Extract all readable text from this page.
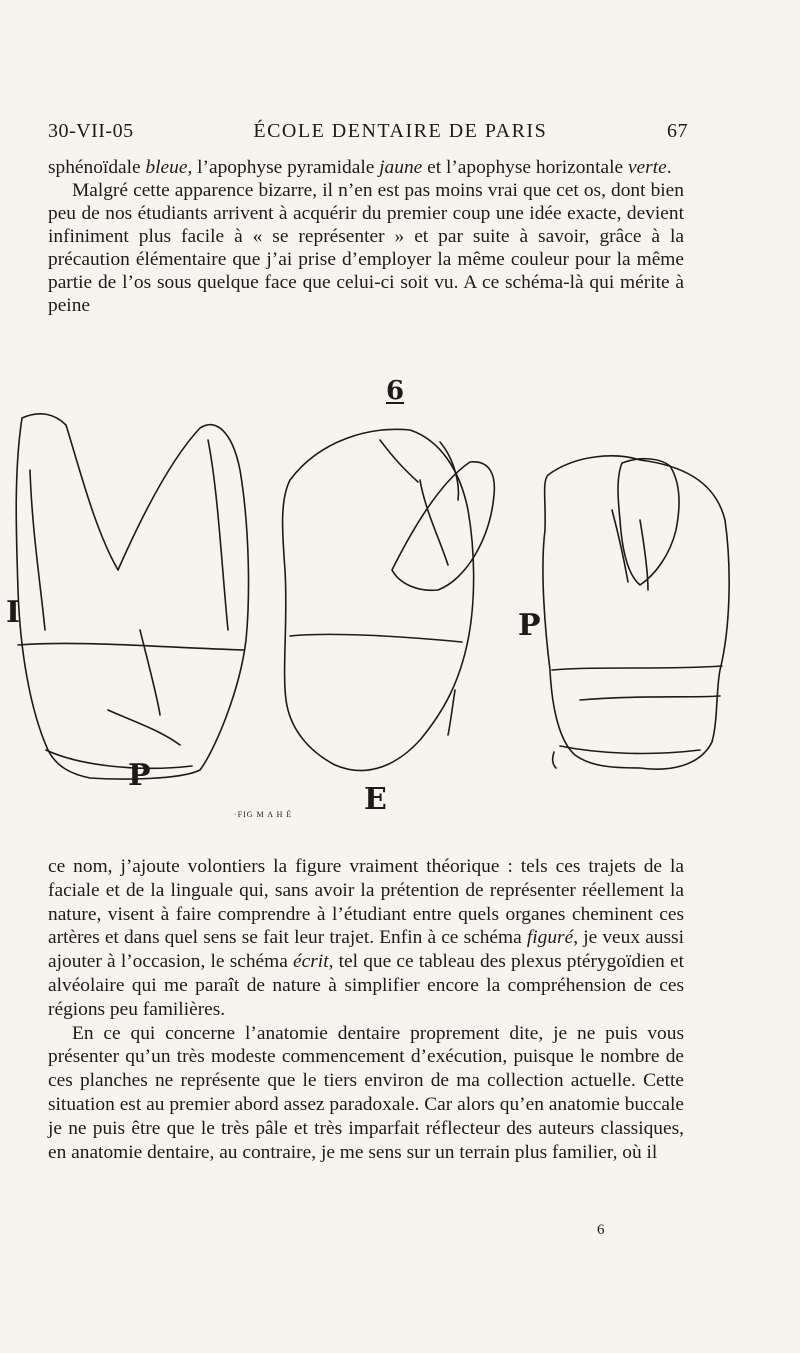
30-VII-05	ÉCOLE DENTAIRE DE PARIS	67

sphénoïdale bleue, l’apophyse pyramidale jaune et l’apophyse horizontale verte.

Malgré cette apparence bizarre, il n’en est pas moins vrai que cet os, dont bien peu de nos étudiants arrivent à acquérir du premier coup une idée exacte, devient infiniment plus facile à « se représenter » et par suite à savoir, grâce à la précaution élémentaire que j’ai prise d’employer la même couleur pour la même partie de l’os sous quelque face que celui-ci soit vu. A ce schéma-là qui mérite à peine

6
I
P
E
P
·FIG M A H É

ce nom, j’ajoute volontiers la figure vraiment théorique : tels ces trajets de la faciale et de la linguale qui, sans avoir la prétention de représenter réellement la nature, visent à faire comprendre à l’étudiant entre quels organes cheminent ces artères et dans quel sens se fait leur trajet. Enfin à ce schéma figuré, je veux aussi ajouter à l’occasion, le schéma écrit, tel que ce tableau des plexus ptérygoïdien et alvéolaire qui me paraît de nature à simplifier encore la compréhension de ces régions peu familières.

En ce qui concerne l’anatomie dentaire proprement dite, je ne puis vous présenter qu’un très modeste commencement d’exécution, puisque le nombre de ces planches ne représente que le tiers environ de ma collection actuelle. Cette situation est au premier abord assez paradoxale. Car alors qu’en anatomie buccale je ne puis être que le très pâle et très imparfait réflecteur des auteurs classiques, en anatomie dentaire, au contraire, je me sens sur un terrain plus familier, où il

6
